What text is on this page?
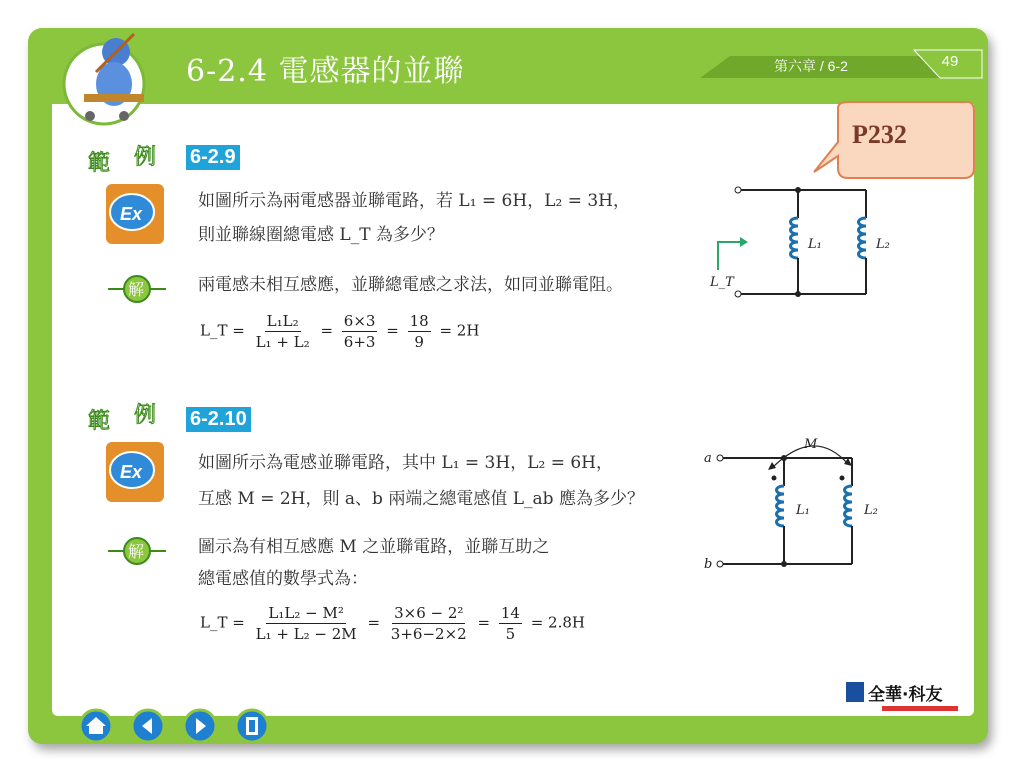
6-2.4 電感器的並聯	第六章 / 6-2	49
P232
Ex
範 例 6-2.9
如圖所示為兩電感器並聯電路，若 L₁ = 6H，L₂ = 3H，
則並聯線圈總電感 L_T 為多少？
解	兩電感未相互感應，並聯總電感之求法，如同並聯電阻。
L_T = $\frac{\text{L₁L₂}}{\text{L₁ + L₂}} = \frac{6\times 3}{6+3} = \frac{18}{9} = 2H$
L₁	L₂
L_T
Ex
範 例 6-2.10
如圖所示為電感並聯電路，其中 L₁ = 3H，L₂ = 6H，
互感 M = 2H，則 a、b 兩端之總電感值 L_ab 應為多少？
解	圖示為有相互感應 M 之並聯電路，並聯互助之
總電感值的數學式為：
L_T = $\frac{\text{L₁L₂ − M²}}{\text{L₁ + L₂ − 2M}} = \frac{\text{3×6 − 2²}}{3+6-2\times 2} = \frac{14}{5} = 2.8H$
M
a
b
L₁	L₂
全華·科友
